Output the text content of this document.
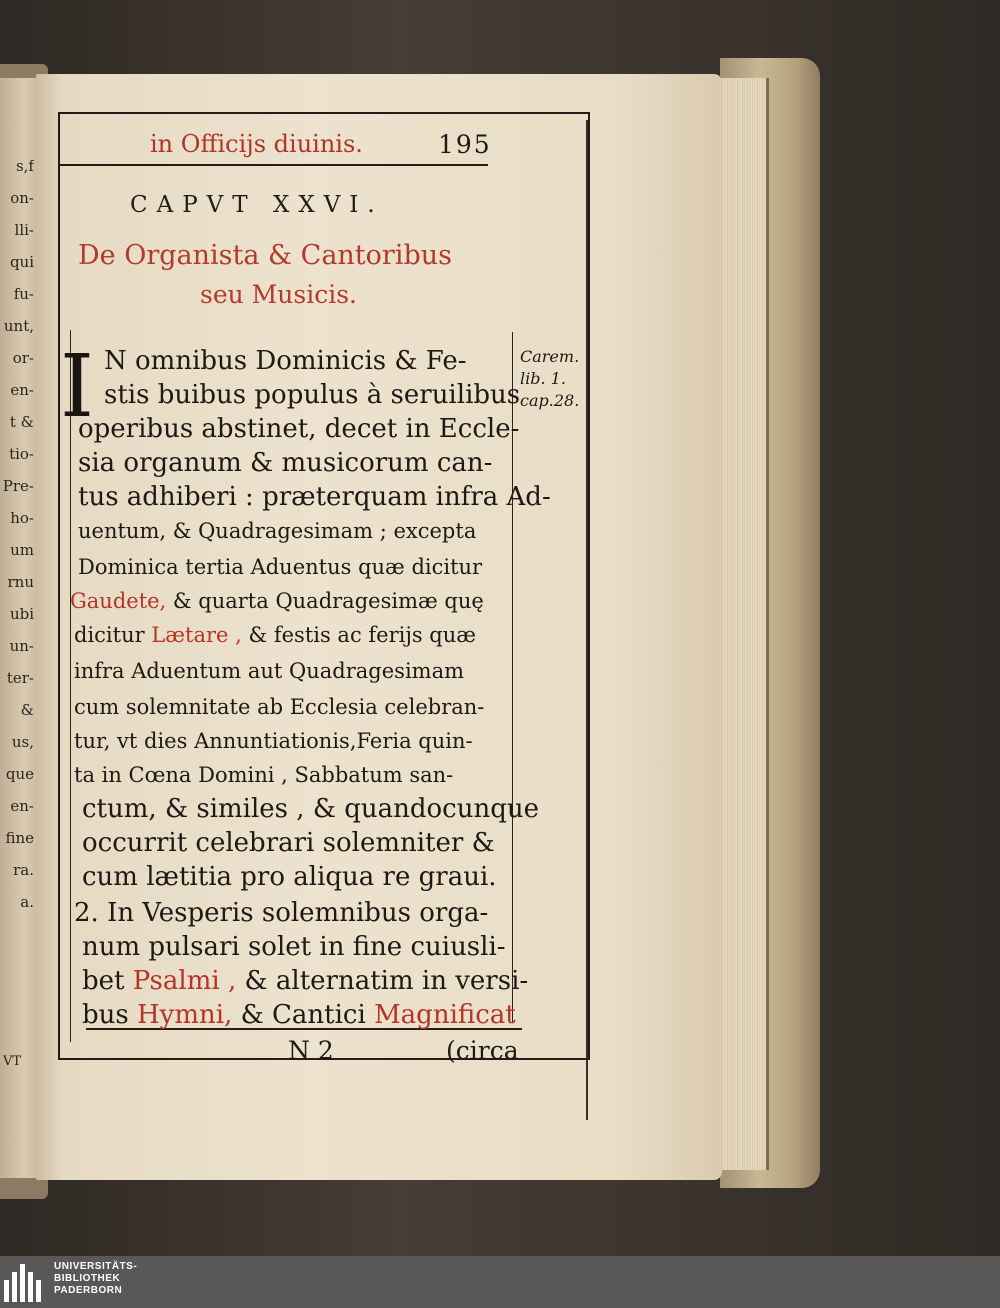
s,f
on-
lli-
qui
fu-
unt,
or-
en-
t &
tio-
Pre-
ho-
um
rnu
ubi
un-
ter-
&
us,
que
en-
fine
ra.
a.
VT
in Officijs diuinis.	195
CAPVT XXVI.
De Organista & Cantoribus
seu Musicis.
I N omnibus Dominicis & Fe-
stis buibus populus à seruilibus
operibus abstinet, decet in Eccle-
sia organum & musicorum can-
tus adhiberi : præterquam infra Ad-
uentum, & Quadragesimam ; excepta
Dominica tertia Aduentus quæ dicitur
Gaudete, & quarta Quadragesimæ quę
dicitur Lætare , & festis ac ferijs quæ
infra Aduentum aut Quadragesimam
cum solemnitate ab Ecclesia celebran-
tur, vt dies Annuntiationis,Feria quin-
ta in Cœna Domini , Sabbatum san-
ctum, & similes , & quandocunque
occurrit celebrari solemniter &
cum lætitia pro aliqua re graui.
2. In Vesperis solemnibus orga-
num pulsari solet in fine cuiusli-
bet Psalmi , & alternatim in versi-
bus Hymni, & Cantici Magnificat
Carem.
lib. 1.
cap.28.
N 2	(circa
UNIVERSITÄTS-
BIBLIOTHEK
PADERBORN
